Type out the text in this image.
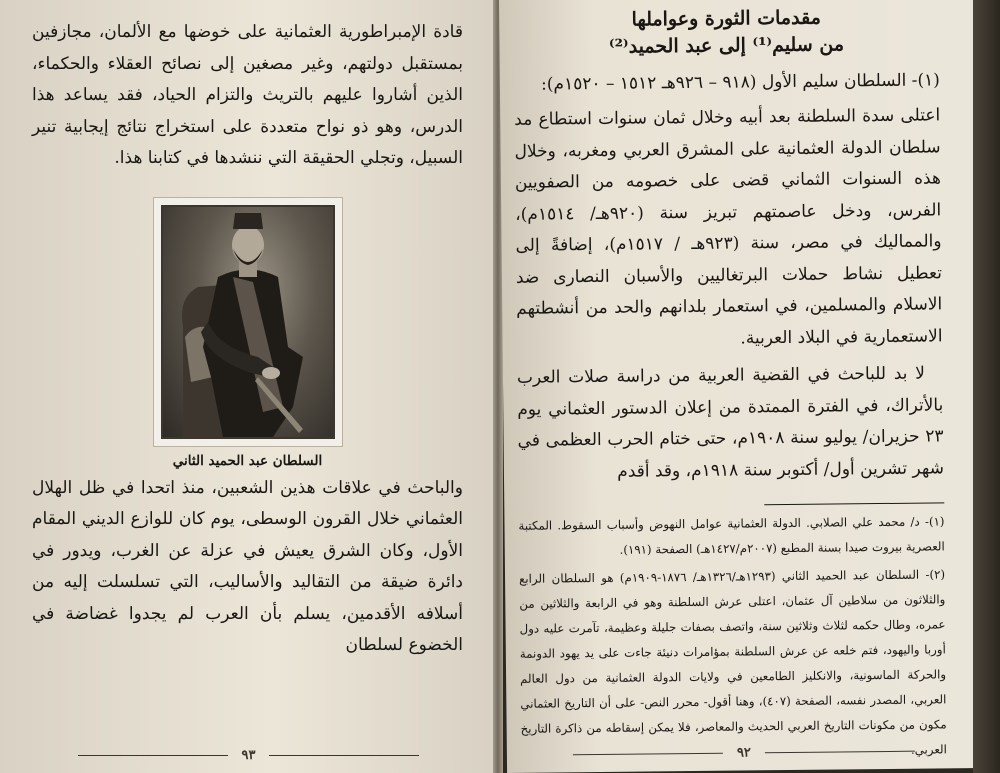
قادة الإمبراطورية العثمانية على خوضها مع الألمان، مجازفين بمستقبل دولتهم، وغير مصغين إلى نصائح العقلاء والحكماء، الذين أشاروا عليهم بالتريث والتزام الحياد، فقد يساعد هذا الدرس، وهو ذو نواح متعددة على استخراج نتائج إيجابية تنير السبيل، وتجلي الحقيقة التي ننشدها في كتابنا هذا.

السلطان عبد الحميد الثاني

والباحث في علاقات هذين الشعبين، منذ اتحدا في ظل الهلال العثماني خلال القرون الوسطى، يوم كان للوازع الديني المقام الأول، وكان الشرق يعيش في عزلة عن الغرب، ويدور في دائرة ضيقة من التقاليد والأساليب، التي تسلسلت إليه من أسلافه الأقدمين، يسلم بأن العرب لم يجدوا غضاضة في الخضوع لسلطان

٩٣
مقدمات الثورة وعواملها
من سليم⁽¹⁾ إلى عبد الحميد⁽²⁾
(١)- السلطان سليم الأول (٩١٨ – ٩٢٦هـ ١٥١٢ – ١٥٢٠م):

اعتلى سدة السلطنة بعد أبيه وخلال ثمان سنوات استطاع مد سلطان الدولة العثمانية على المشرق العربي ومغربه، وخلال هذه السنوات الثماني قضى على خصومه من الصفويين الفرس، ودخل عاصمتهم تبريز سنة (٩٢٠هـ/ ١٥١٤م)، والمماليك في مصر، سنة (٩٢٣هـ / ١٥١٧م)، إضافةً إلى تعطيل نشاط حملات البرتغاليين والأسبان النصارى ضد الاسلام والمسلمين، في استعمار بلدانهم والحد من أنشطتهم الاستعمارية في البلاد العربية.

لا بد للباحث في القضية العربية من دراسة صلات العرب بالأتراك، في الفترة الممتدة من إعلان الدستور العثماني يوم ٢٣ حزيران/ يوليو سنة ١٩٠٨م، حتى ختام الحرب العظمى في شهر تشرين أول/ أكتوبر سنة ١٩١٨م، وقد أقدم

(١)- د/ محمد علي الصلابي. الدولة العثمانية عوامل النهوض وأسباب السقوط. المكتبة العصرية بيروت صيدا بسنة المطبع (٢٠٠٧م/١٤٢٧هـ) الصفحة (١٩١).

(٢)- السلطان عبد الحميد الثاني (١٢٩٣هـ/١٣٢٦هـ/ ١٨٧٦-١٩٠٩م) هو السلطان الرابع والثلاثون من سلاطين آل عثمان، اعتلى عرش السلطنة وهو في الرابعة والثلاثين من عمره، وطال حكمه لثلاث وثلاثين سنة، واتصف بصفات جليلة وعظيمة، تآمرت عليه دول أوربا واليهود، فتم خلعه عن عرش السلطنة بمؤامرات دنيئة جاءت على يد يهود الدونمة والحركة الماسونية، والانكليز الطامعين في ولايات الدولة العثمانية من دول العالم العربي، المصدر نفسه، الصفحة (٤٠٧)، وهنا أقول- محرر النص- على أن التاريخ العثماني مكون من مكونات التاريخ العربي الحديث والمعاصر، فلا يمكن إسقاطه من ذاكرة التاريخ العربي.

٩٢
